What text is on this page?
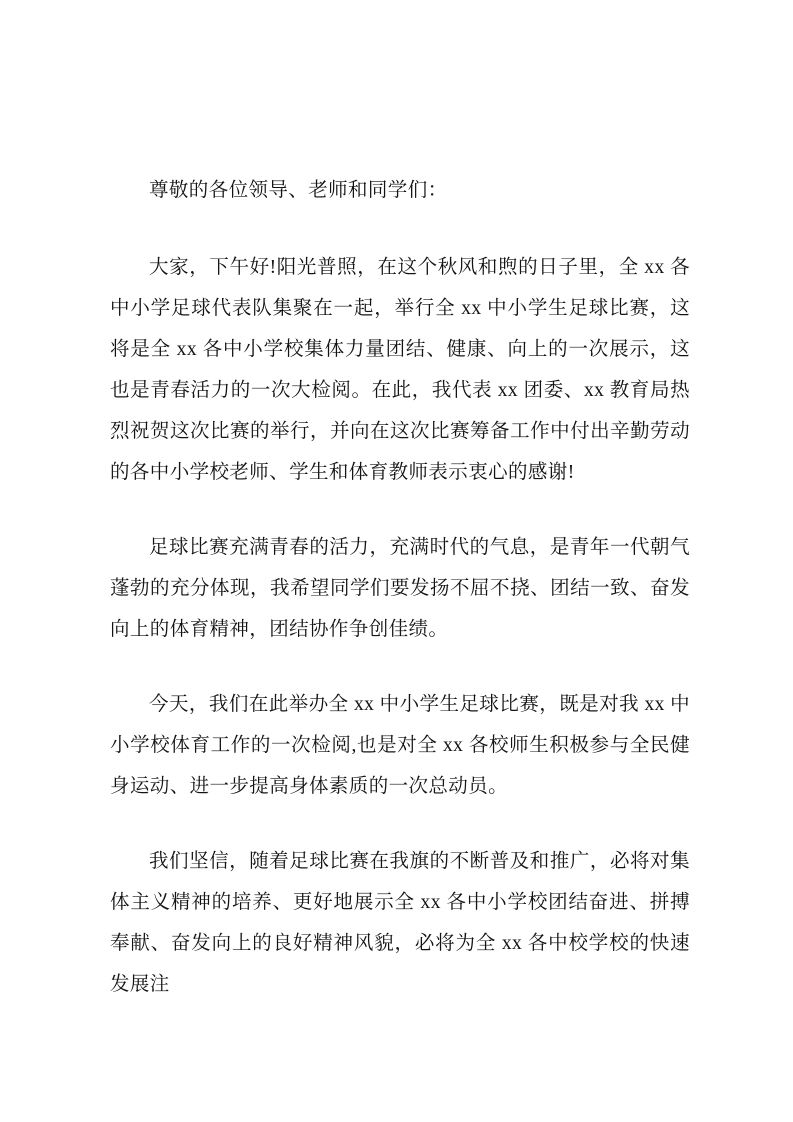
尊敬的各位领导、老师和同学们：

大家，下午好!阳光普照，在这个秋风和煦的日子里，全 xx 各中小学足球代表队集聚在一起，举行全 xx 中小学生足球比赛，这将是全 xx 各中小学校集体力量团结、健康、向上的一次展示，这也是青春活力的一次大检阅。在此，我代表 xx 团委、xx 教育局热烈祝贺这次比赛的举行，并向在这次比赛筹备工作中付出辛勤劳动的各中小学校老师、学生和体育教师表示衷心的感谢!

足球比赛充满青春的活力，充满时代的气息，是青年一代朝气蓬勃的充分体现，我希望同学们要发扬不屈不挠、团结一致、奋发向上的体育精神，团结协作争创佳绩。

今天，我们在此举办全 xx 中小学生足球比赛，既是对我 xx 中小学校体育工作的一次检阅,也是对全 xx 各校师生积极参与全民健身运动、进一步提高身体素质的一次总动员。

我们坚信，随着足球比赛在我旗的不断普及和推广，必将对集体主义精神的培养、更好地展示全 xx 各中小学校团结奋进、拼搏奉献、奋发向上的良好精神风貌，必将为全 xx 各中校学校的快速发展注
